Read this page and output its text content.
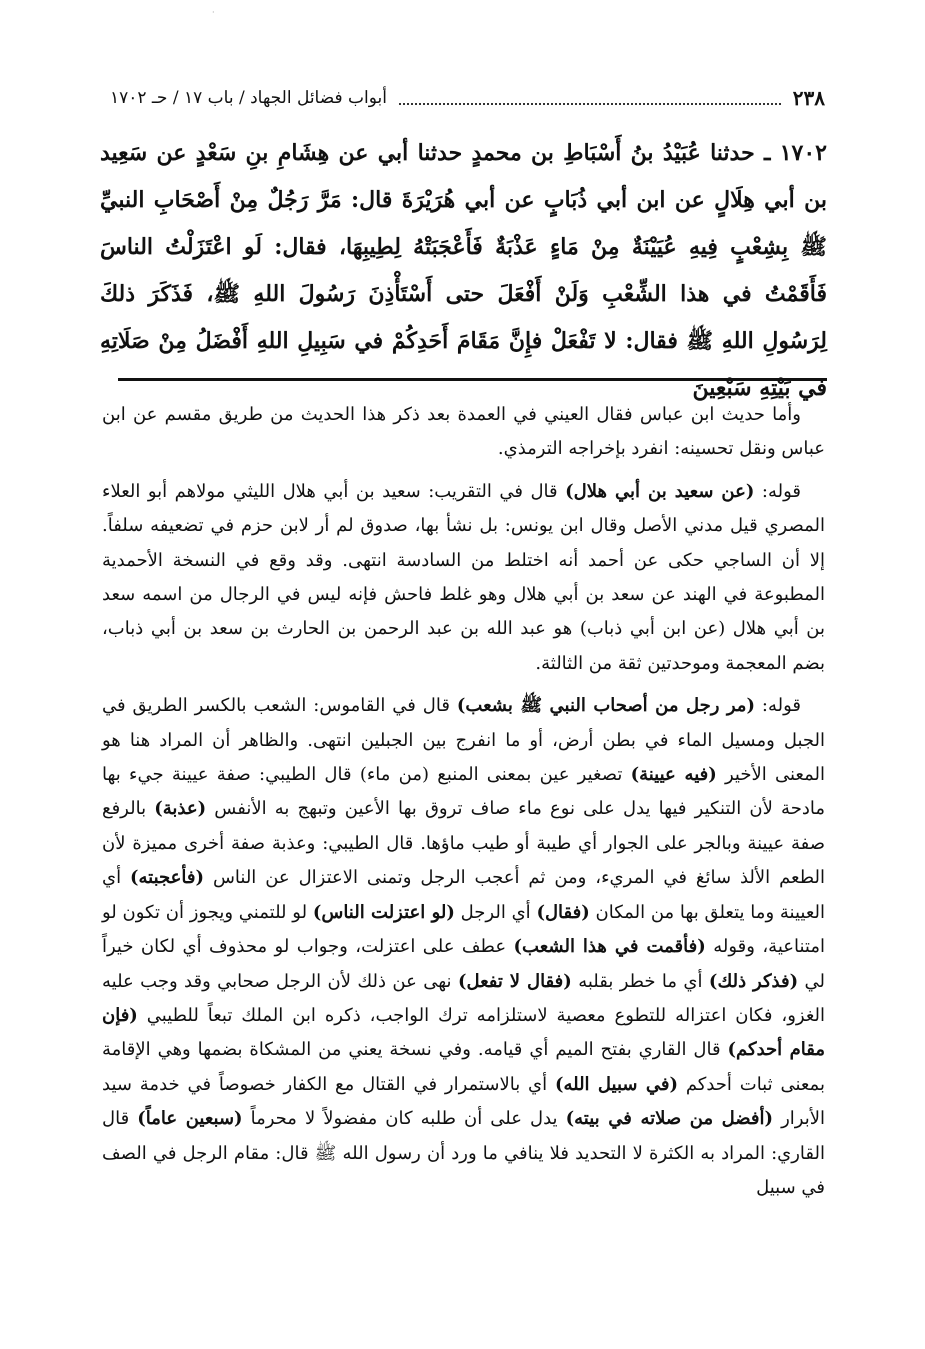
·
٢٣٨
أبواب فضائل الجهاد / باب ١٧ / حـ ١٧٠٢
١٧٠٢ ـ حدثنا عُبَيْدُ بنُ أَسْبَاطِ بن محمدٍ حدثنا أبي عن هِشَامِ بنِ سَعْدٍ عن سَعِيد بن أبي هِلَالٍ عن ابن أبي ذُبَابٍ عن أبي هُرَيْرَةَ قال: مَرَّ رَجُلٌ مِنْ أَصْحَابِ النبيِّ ﷺ بِشِعْبٍ فِيهِ عُيَيْنَةٌ مِنْ مَاءٍ عَذْبَةٌ فَأَعْجَبَتْهُ لِطِيبِهَا، فقال: لَو اعْتَزَلْتُ الناسَ فَأَقَمْتُ في هذا الشِّعْبِ وَلَنْ أَفْعَلَ حتى أَسْتَأْذِنَ رَسُولَ اللهِ ﷺ، فَذَكَرَ ذلكَ لِرَسُولِ اللهِ ﷺ فقال: لا تَفْعَلْ فإِنَّ مَقَامَ أَحَدِكُمْ في سَبِيلِ اللهِ أَفْضَلُ مِنْ صَلَاتِهِ في بَيْتِهِ سَبْعِينَ

وأما حديث ابن عباس فقال العيني في العمدة بعد ذكر هذا الحديث من طريق مقسم عن ابن عباس ونقل تحسينه: انفرد بإخراجه الترمذي.

قوله: (عن سعيد بن أبي هلال) قال في التقريب: سعيد بن أبي هلال الليثي مولاهم أبو العلاء المصري قيل مدني الأصل وقال ابن يونس: بل نشأ بها، صدوق لم أر لابن حزم في تضعيفه سلفاً. إلا أن الساجي حكى عن أحمد أنه اختلط من السادسة انتهى. وقد وقع في النسخة الأحمدية المطبوعة في الهند عن سعد بن أبي هلال وهو غلط فاحش فإنه ليس في الرجال من اسمه سعد بن أبي هلال (عن ابن أبي ذباب) هو عبد الله بن عبد الرحمن بن الحارث بن سعد بن أبي ذباب، بضم المعجمة وموحدتين ثقة من الثالثة.

قوله: (مر رجل من أصحاب النبي ﷺ بشعب) قال في القاموس: الشعب بالكسر الطريق في الجبل ومسيل الماء في بطن أرض، أو ما انفرج بين الجبلين انتهى. والظاهر أن المراد هنا هو المعنى الأخير (فيه عيينة) تصغير عين بمعنى المنبع (من ماء) قال الطيبي: صفة عيينة جيء بها مادحة لأن التنكير فيها يدل على نوع ماء صاف تروق بها الأعين وتبهج به الأنفس (عذبة) بالرفع صفة عيينة وبالجر على الجوار أي طيبة أو طيب ماؤها. قال الطيبي: وعذبة صفة أخرى مميزة لأن الطعم الألذ سائغ في المريء، ومن ثم أعجب الرجل وتمنى الاعتزال عن الناس (فأعجبته) أي العيينة وما يتعلق بها من المكان (فقال) أي الرجل (لو اعتزلت الناس) لو للتمني ويجوز أن تكون لو امتناعية، وقوله (فأقمت في هذا الشعب) عطف على اعتزلت، وجواب لو محذوف أي لكان خيراً لي (فذكر ذلك) أي ما خطر بقلبه (فقال لا تفعل) نهى عن ذلك لأن الرجل صحابي وقد وجب عليه الغزو، فكان اعتزاله للتطوع معصية لاستلزامه ترك الواجب، ذكره ابن الملك تبعاً للطيبي (فإن مقام أحدكم) قال القاري بفتح الميم أي قيامه. وفي نسخة يعني من المشكاة بضمها وهي الإقامة بمعنى ثبات أحدكم (في سبيل الله) أي بالاستمرار في القتال مع الكفار خصوصاً في خدمة سيد الأبرار (أفضل من صلاته في بيته) يدل على أن طلبه كان مفضولاً لا محرماً (سبعين عاماً) قال القاري: المراد به الكثرة لا التحديد فلا ينافي ما ورد أن رسول الله ﷺ قال: مقام الرجل في الصف في سبيل
